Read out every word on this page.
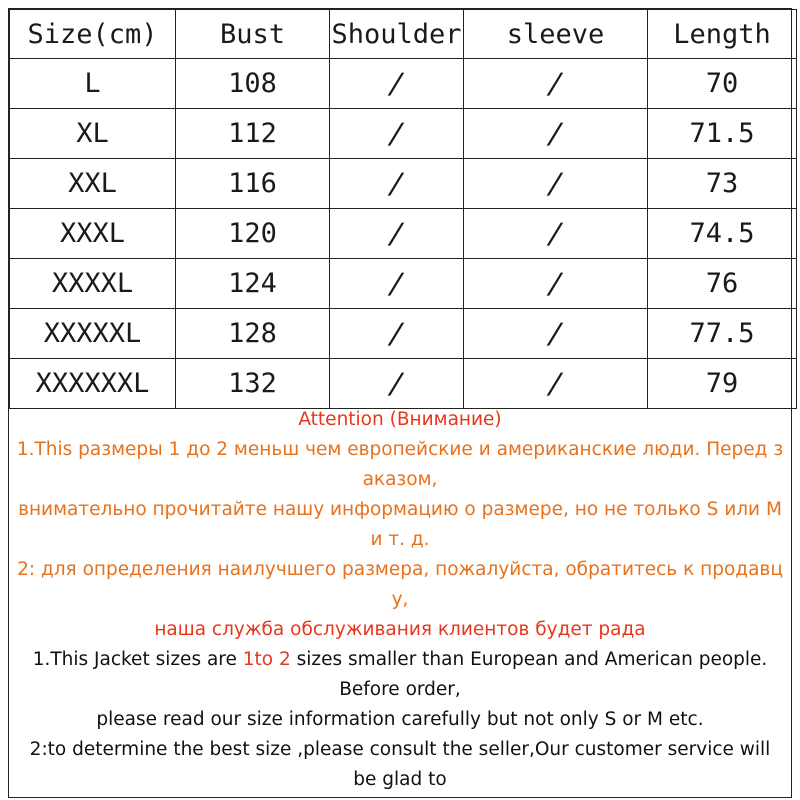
Size(cm)	Bust	Shoulder	sleeve	Length
L	108	/	/	70
XL	112	/	/	71.5
XXL	116	/	/	73
XXXL	120	/	/	74.5
XXXXL	124	/	/	76
XXXXXL	128	/	/	77.5
XXXXXXL	132	/	/	79

Attention (Внимание)

1.This размеры 1 до 2 меньш чем европейские и американские люди. Перед з

аказом,

внимательно прочитайте нашу информацию о размере, но не только S или M

и т. д.

2: для определения наилучшего размера, пожалуйста, обратитесь к продавц

у,

наша служба обслуживания клиентов будет рада

1.This Jacket sizes are 1to 2 sizes smaller than European and American people.

Before order,

please read our size information carefully but not only S or M etc.

2:to determine the best size ,please consult the seller,Our customer service will

be glad to
